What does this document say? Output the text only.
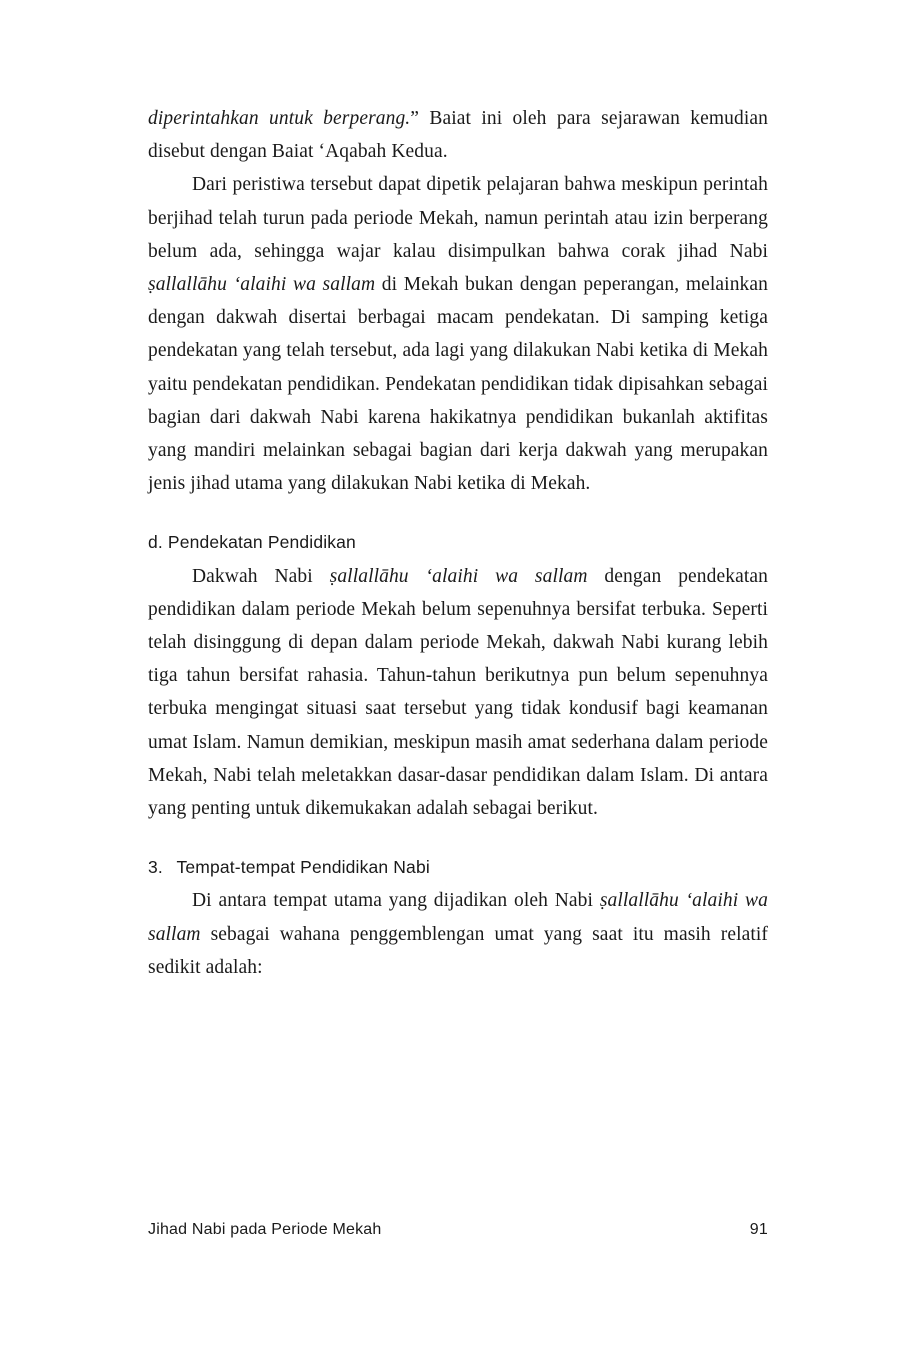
diperintahkan untuk berperang.” Baiat ini oleh para sejarawan kemudian disebut dengan Baiat ‘Aqabah Kedua.

Dari peristiwa tersebut dapat dipetik pelajaran bahwa meskipun perintah berjihad telah turun pada periode Mekah, namun perintah atau izin berperang belum ada, sehingga wajar kalau disimpulkan bahwa corak jihad Nabi ṣallallāhu ‘alaihi wa sallam di Mekah bukan dengan peperangan, melainkan dengan dakwah disertai berbagai macam pendekatan. Di samping ketiga pendekatan yang telah tersebut, ada lagi yang dilakukan Nabi ketika di Mekah yaitu pendekatan pendidikan. Pendekatan pendidikan tidak dipisahkan sebagai bagian dari dakwah Nabi karena hakikatnya pendidikan bukanlah aktifitas yang mandiri melainkan sebagai bagian dari kerja dakwah yang merupakan jenis jihad utama yang dilakukan Nabi ketika di Mekah.

d. Pendekatan Pendidikan

Dakwah Nabi ṣallallāhu ‘alaihi wa sallam dengan pendekatan pendidikan dalam periode Mekah belum sepenuhnya bersifat terbuka. Seperti telah disinggung di depan dalam periode Mekah, dakwah Nabi kurang lebih tiga tahun bersifat rahasia. Tahun-tahun berikutnya pun belum sepenuhnya terbuka mengingat situasi saat tersebut yang tidak kondusif bagi keamanan umat Islam. Namun demikian, meskipun masih amat sederhana dalam periode Mekah, Nabi telah meletakkan dasar-dasar pendidikan dalam Islam. Di antara yang penting untuk dikemukakan adalah sebagai berikut.

3.  Tempat-tempat Pendidikan Nabi

Di antara tempat utama yang dijadikan oleh Nabi ṣallallāhu ‘alaihi wa sallam sebagai wahana penggemblengan umat yang saat itu masih relatif sedikit adalah:

Jihad Nabi pada Periode Mekah	91
